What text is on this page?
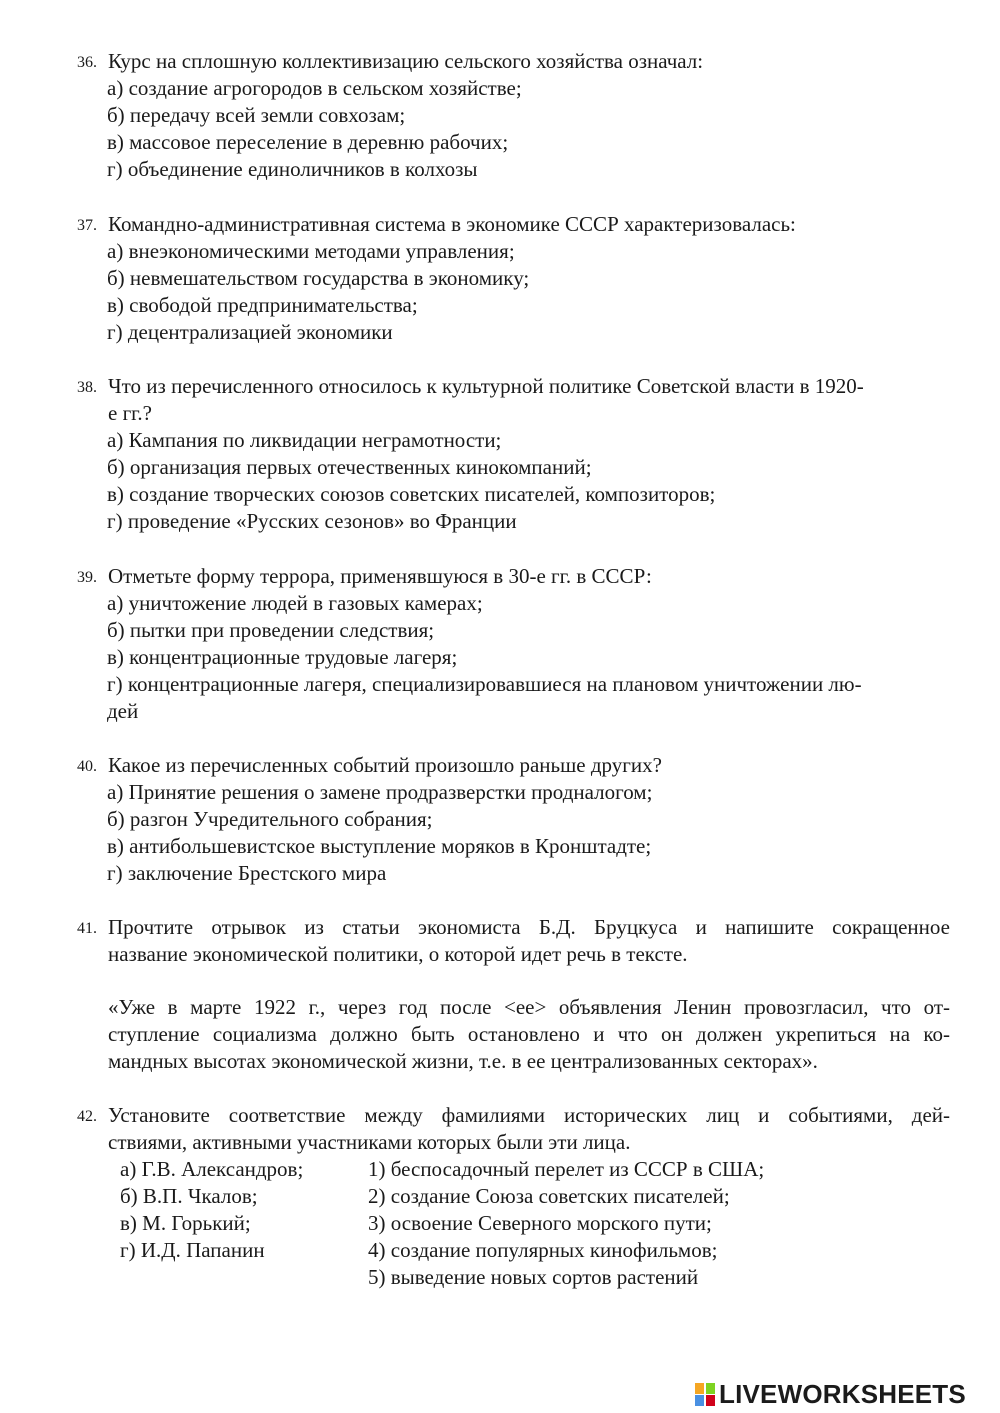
36. Курс на сплошную коллективизацию сельского хозяйства означал:

а) создание агрогородов в сельском хозяйстве;
б) передачу всей земли совхозам;
в) массовое переселение в деревню рабочих;
г) объединение единоличников в колхозы
37. Командно-административная система в экономике СССР характеризовалась:

а) внеэкономическими методами управления;
б) невмешательством государства в экономику;
в) свободой предпринимательства;
г) децентрализацией экономики
38. Что из перечисленного относилось к культурной политике Советской власти в 1920-

е гг.?

а) Кампания по ликвидации неграмотности;
б) организация первых отечественных кинокомпаний;
в) создание творческих союзов советских писателей, композиторов;
г) проведение «Русских сезонов» во Франции
39. Отметьте форму террора, применявшуюся в 30-е гг. в СССР:

а) уничтожение людей в газовых камерах;
б) пытки при проведении следствия;
в) концентрационные трудовые лагеря;
г) концентрационные лагеря, специализировавшиеся на плановом уничтожении лю-
дей
40. Какое из перечисленных событий произошло раньше других?

а) Принятие решения о замене продразверстки продналогом;
б) разгон Учредительного собрания;
в) антибольшевистское выступление моряков в Кронштадте;
г) заключение Брестского мира
41. Прочтите отрывок из статьи экономиста Б.Д. Бруцкуса и напишите сокращенное

название экономической политики, о которой идет речь в тексте.

«Уже в марте 1922 г., через год после <ее> объявления Ленин провозгласил, что от-
ступление социализма должно быть остановлено и что он должен укрепиться на ко-
мандных высотах экономической жизни, т.е. в ее централизованных секторах».
42. Установите соответствие между фамилиями исторических лиц и событиями, дей-

ствиями, активными участниками которых были эти лица.

а) Г.В. Александров;
б) В.П. Чкалов;
в) М. Горький;
г) И.Д. Папанин
1) беспосадочный перелет из СССР в США;
2) создание Союза советских писателей;
3) освоение Северного морского пути;
4) создание популярных кинофильмов;
5) выведение новых сортов растений
LIVEWORKSHEETS
